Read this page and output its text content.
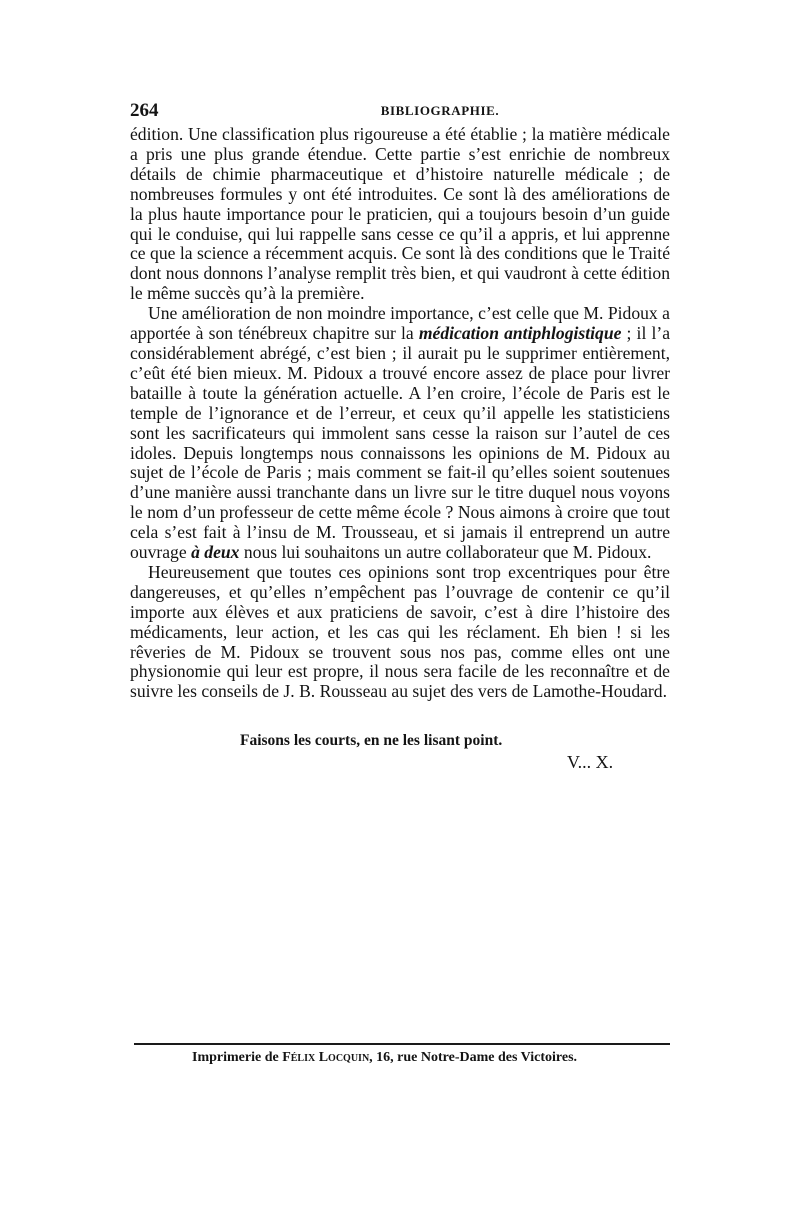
264	BIBLIOGRAPHIE.

édition. Une classification plus rigoureuse a été établie ; la matière médicale a pris une plus grande étendue. Cette partie s’est enrichie de nombreux détails de chimie pharmaceutique et d’histoire naturelle médicale ; de nombreuses formules y ont été introduites. Ce sont là des améliorations de la plus haute importance pour le praticien, qui a toujours besoin d’un guide qui le conduise, qui lui rappelle sans cesse ce qu’il a appris, et lui apprenne ce que la science a récemment acquis. Ce sont là des conditions que le Traité dont nous donnons l’analyse remplit très bien, et qui vaudront à cette édition le même succès qu’à la première.

Une amélioration de non moindre importance, c’est celle que M. Pidoux a apportée à son ténébreux chapitre sur la médication antiphlogistique ; il l’a considérablement abrégé, c’est bien ; il aurait pu le supprimer entièrement, c’eût été bien mieux. M. Pidoux a trouvé encore assez de place pour livrer bataille à toute la génération actuelle. A l’en croire, l’école de Paris est le temple de l’ignorance et de l’erreur, et ceux qu’il appelle les statisticiens sont les sacrificateurs qui immolent sans cesse la raison sur l’autel de ces idoles. Depuis longtemps nous connaissons les opinions de M. Pidoux au sujet de l’école de Paris ; mais comment se fait-il qu’elles soient soutenues d’une manière aussi tranchante dans un livre sur le titre duquel nous voyons le nom d’un professeur de cette même école ? Nous aimons à croire que tout cela s’est fait à l’insu de M. Trousseau, et si jamais il entreprend un autre ouvrage à deux nous lui souhaitons un autre collaborateur que M. Pidoux.

Heureusement que toutes ces opinions sont trop excentriques pour être dangereuses, et qu’elles n’empêchent pas l’ouvrage de contenir ce qu’il importe aux élèves et aux praticiens de savoir, c’est à dire l’histoire des médicaments, leur action, et les cas qui les réclament. Eh bien ! si les rêveries de M. Pidoux se trouvent sous nos pas, comme elles ont une physionomie qui leur est propre, il nous sera facile de les reconnaître et de suivre les conseils de J. B. Rousseau au sujet des vers de Lamothe-Houdard.

Faisons les courts, en ne les lisant point.
V... X.
Imprimerie de Félix Locquin, 16, rue Notre-Dame des Victoires.
